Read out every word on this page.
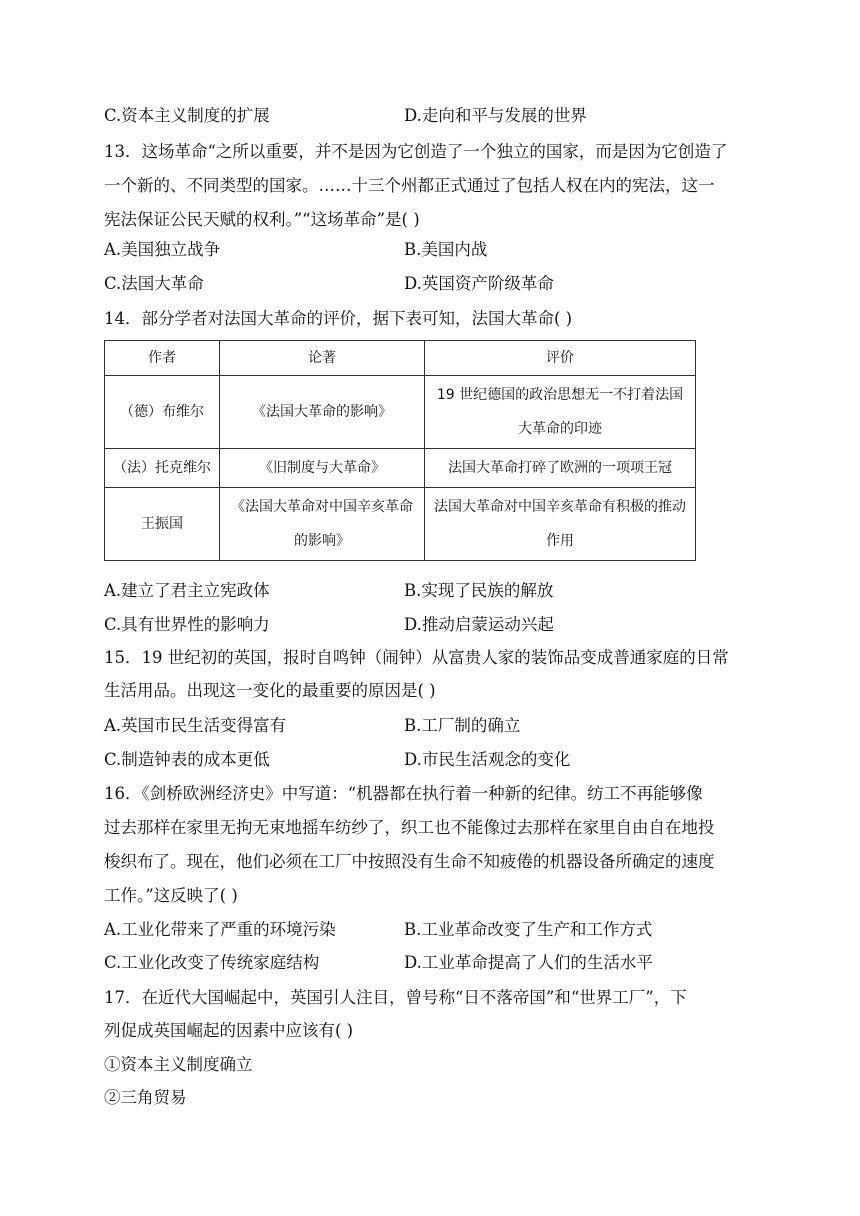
C.资本主义制度的扩展	D.走向和平与发展的世界
13．这场革命“之所以重要，并不是因为它创造了一个独立的国家，而是因为它创造了
一个新的、不同类型的国家。……十三个州都正式通过了包括人权在内的宪法，这一
宪法保证公民天赋的权利。”“这场革命”是( )
A.美国独立战争	B.美国内战
C.法国大革命	D.英国资产阶级革命
14．部分学者对法国大革命的评价，据下表可知，法国大革命( )
作者	论著	评价
（德）布维尔	《法国大革命的影响》	19 世纪德国的政治思想无一不打着法国大革命的印迹
（法）托克维尔	《旧制度与大革命》	法国大革命打碎了欧洲的一项项王冠
王振国	《法国大革命对中国辛亥革命的影响》	法国大革命对中国辛亥革命有积极的推动作用
A.建立了君主立宪政体	B.实现了民族的解放
C.具有世界性的影响力	D.推动启蒙运动兴起
15．19 世纪初的英国，报时自鸣钟（闹钟）从富贵人家的装饰品变成普通家庭的日常
生活用品。出现这一变化的最重要的原因是( )
A.英国市民生活变得富有	B.工厂制的确立
C.制造钟表的成本更低	D.市民生活观念的变化
16．《剑桥欧洲经济史》中写道：“机器都在执行着一种新的纪律。纺工不再能够像
过去那样在家里无拘无束地摇车纺纱了，织工也不能像过去那样在家里自由自在地投
梭织布了。现在，他们必须在工厂中按照没有生命不知疲倦的机器设备所确定的速度
工作。”这反映了( )
A.工业化带来了严重的环境污染	B.工业革命改变了生产和工作方式
C.工业化改变了传统家庭结构	D.工业革命提高了人们的生活水平
17．在近代大国崛起中，英国引人注目，曾号称“日不落帝国”和“世界工厂”，下
列促成英国崛起的因素中应该有( )
①资本主义制度确立
②三角贸易
